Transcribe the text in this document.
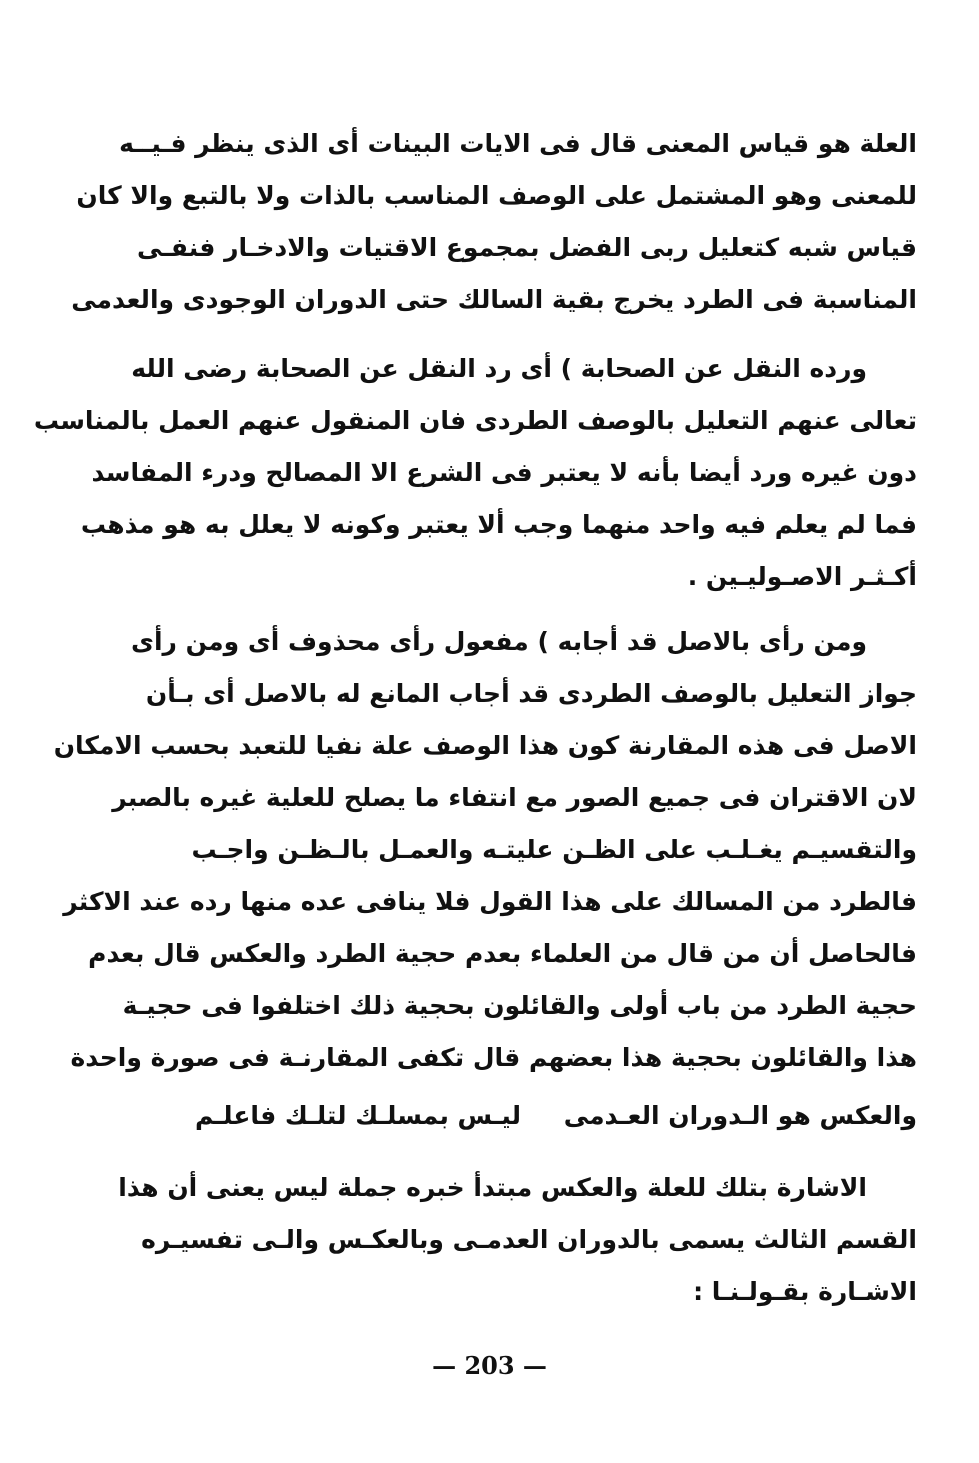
العلة هو قياس المعنى قال فى الايات البينات أى الذى ينظر فـيــه
للمعنى وهو المشتمل على الوصف المناسب بالذات ولا بالتبع والا كان
قياس شبه كتعليل ربى الفضل بمجموع الاقتيات والادخـار فنفـى
المناسبة فى الطرد يخرج بقية السالك حتى الدوران الوجودى والعدمى
ورده النقل عن الصحابة ) أى رد النقل عن الصحابة رضى الله
تعالى عنهم التعليل بالوصف الطردى فان المنقول عنهم العمل بالمناسب
دون غيره ورد أيضا بأنه لا يعتبر فى الشرع الا المصالح ودرء المفاسد
فما لم يعلم فيه واحد منهما وجب ألا يعتبر وكونه لا يعلل به هو مذهب
أكـثـر الاصـوليـين .
ومن رأى بالاصل قد أجابه ) مفعول رأى محذوف أى ومن رأى
جواز التعليل بالوصف الطردى قد أجاب المانع له بالاصل أى بـأن
الاصل فى هذه المقارنة كون هذا الوصف علة نفيا للتعبد بحسب الامكان
لان الاقتران فى جميع الصور مع انتفاء ما يصلح للعلية غيره بالصبر
والتقسيـم يغـلـب على الظـن عليتـه والعمـل بالـظـن واجـب
فالطرد من المسالك على هذا القول فلا ينافى عده منها رده عند الاكثر
فالحاصل أن من قال من العلماء بعدم حجية الطرد والعكس قال بعدم
حجية الطرد من باب أولى والقائلون بحجية ذلك اختلفوا فى حجيـة
هذا والقائلون بحجية هذا بعضهم قال تكفى المقارنـة فى صورة واحدة
والعكس هو الـدوران العـدمى
ليـس بمسلـك لتلـك فاعلـم
الاشارة بتلك للعلة والعكس مبتدأ خبره جملة ليس يعنى أن هذا
القسم الثالث يسمى بالدوران العدمـى وبالعكـس والـى تفسيـره
الاشـارة بقـولـنـا :
— 203 —
